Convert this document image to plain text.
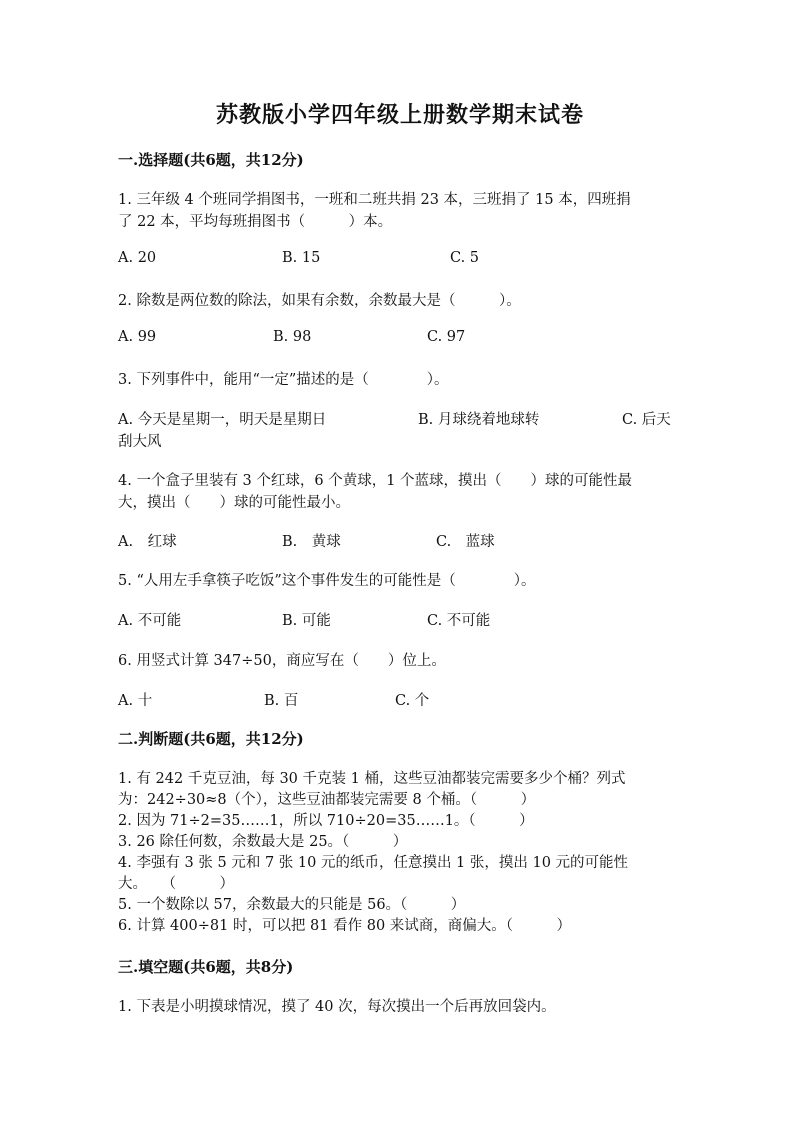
苏教版小学四年级上册数学期末试卷
一.选择题(共6题，共12分)
1. 三年级 4 个班同学捐图书，一班和二班共捐 23 本，三班捐了 15 本，四班捐
了 22 本，平均每班捐图书（　　　）本。
A. 20	B. 15	C. 5
2. 除数是两位数的除法，如果有余数，余数最大是（　　　）。
A. 99	B. 98	C. 97
3. 下列事件中，能用“一定”描述的是（　　　　）。
A. 今天是星期一，明天是星期日	B. 月球绕着地球转	C. 后天
刮大风
4. 一个盒子里装有 3 个红球，6 个黄球，1 个蓝球，摸出（　　）球的可能性最
大，摸出（　　）球的可能性最小。
A.　红球	B.　黄球	C.　蓝球
5. “人用左手拿筷子吃饭”这个事件发生的可能性是（　　　　）。
A. 不可能	B. 可能	C. 不可能
6. 用竖式计算 347÷50，商应写在（　　）位上。
A. 十	B. 百	C. 个
二.判断题(共6题，共12分)
1. 有 242 千克豆油，每 30 千克装 1 桶，这些豆油都装完需要多少个桶？列式
为：242÷30≈8（个），这些豆油都装完需要 8 个桶。（　　　）
2. 因为 71÷2=35……1，所以 710÷20=35……1。（　　　）
3. 26 除任何数，余数最大是 25。（　　　）
4. 李强有 3 张 5 元和 7 张 10 元的纸币，任意摸出 1 张，摸出 10 元的可能性
大。　　（　　　）
5. 一个数除以 57，余数最大的只能是 56。（　　　）
6. 计算 400÷81 时，可以把 81 看作 80 来试商，商偏大。（　　　）
三.填空题(共6题，共8分)
1. 下表是小明摸球情况，摸了 40 次，每次摸出一个后再放回袋内。
